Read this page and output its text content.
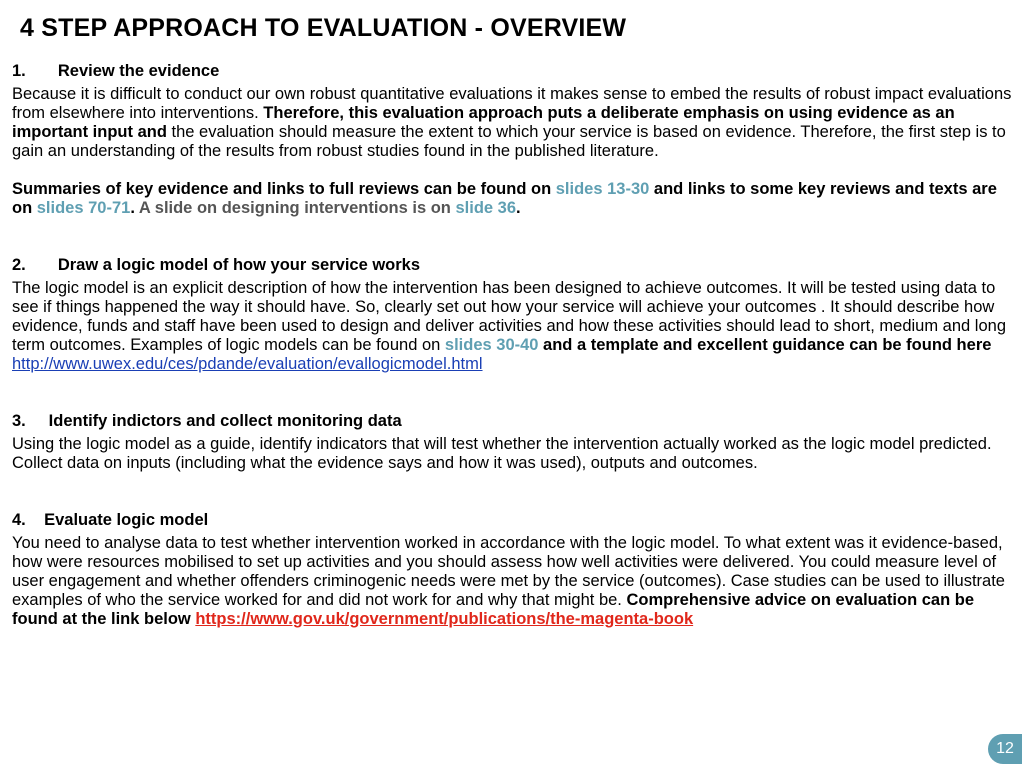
4 STEP APPROACH TO EVALUATION - OVERVIEW
1.       Review the evidence

Because it is difficult to conduct our own robust quantitative evaluations it makes sense to embed the results of robust impact evaluations from elsewhere into interventions. Therefore, this evaluation approach puts a deliberate emphasis on using evidence as an important input and the evaluation should measure the extent to which your service is based on evidence. Therefore, the first step is to gain an understanding of the results from robust studies found in the published literature.

Summaries of key evidence and links to full reviews can be found on slides 13-30 and links to some key reviews and texts are on slides 70-71. A slide on designing interventions is on slide 36.

2.       Draw a logic model of how your service works

The logic model is an explicit description of how the intervention has been designed to achieve outcomes. It will be tested using data to see if things happened the way it should have. So, clearly set out how your service will achieve your outcomes . It should describe how evidence, funds and staff have been used to design and deliver activities and how these activities should lead to short, medium and long term outcomes. Examples of logic models can be found on slides 30-40 and a template and excellent guidance can be found here
http://www.uwex.edu/ces/pdande/evaluation/evallogicmodel.html

3.     Identify indictors and collect monitoring data

Using the logic model as a guide, identify indicators that will test whether the intervention actually worked as the logic model predicted. Collect data on inputs (including what the evidence says and how it was used), outputs and outcomes.

4.    Evaluate logic model

You need to analyse data to test whether intervention worked in accordance with the logic model. To what extent was it evidence-based, how were resources mobilised to set up activities and you should assess how well activities were delivered. You could measure level of user engagement and whether offenders criminogenic needs were met by the service (outcomes). Case studies can be used to illustrate examples of who the service worked for and did not work for and why that might be. Comprehensive advice on evaluation can be found at the link below https://www.gov.uk/government/publications/the-magenta-book

12
